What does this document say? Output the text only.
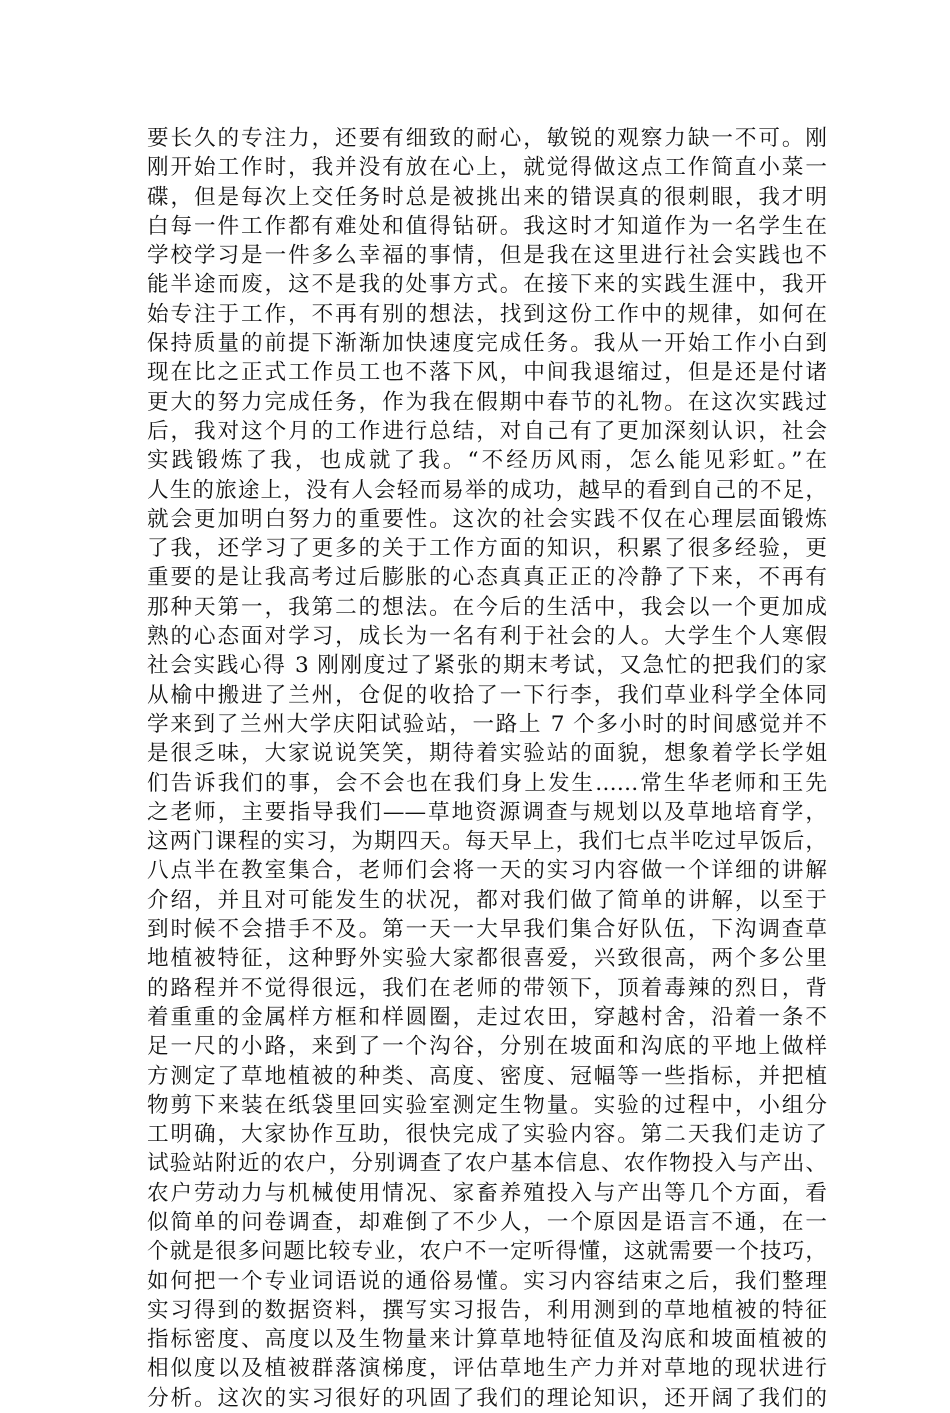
要长久的专注力，还要有细致的耐心，敏锐的观察力缺一不可。刚
刚开始工作时，我并没有放在心上，就觉得做这点工作简直小菜一
碟，但是每次上交任务时总是被挑出来的错误真的很刺眼，我才明
白每一件工作都有难处和值得钻研。我这时才知道作为一名学生在
学校学习是一件多么幸福的事情，但是我在这里进行社会实践也不
能半途而废，这不是我的处事方式。在接下来的实践生涯中，我开
始专注于工作，不再有别的想法，找到这份工作中的规律，如何在
保持质量的前提下渐渐加快速度完成任务。我从一开始工作小白到
现在比之正式工作员工也不落下风，中间我退缩过，但是还是付诸
更大的努力完成任务，作为我在假期中春节的礼物。在这次实践过
后，我对这个月的工作进行总结，对自己有了更加深刻认识，社会
实践锻炼了我，也成就了我。“不经历风雨，怎么能见彩虹。”在
人生的旅途上，没有人会轻而易举的成功，越早的看到自己的不足，
就会更加明白努力的重要性。这次的社会实践不仅在心理层面锻炼
了我，还学习了更多的关于工作方面的知识，积累了很多经验，更
重要的是让我高考过后膨胀的心态真真正正的冷静了下来，不再有
那种天第一，我第二的想法。在今后的生活中，我会以一个更加成
熟的心态面对学习，成长为一名有利于社会的人。大学生个人寒假
社会实践心得 3 刚刚度过了紧张的期末考试，又急忙的把我们的家
从榆中搬进了兰州，仓促的收拾了一下行李，我们草业科学全体同
学来到了兰州大学庆阳试验站，一路上 7 个多小时的时间感觉并不
是很乏味，大家说说笑笑，期待着实验站的面貌，想象着学长学姐
们告诉我们的事，会不会也在我们身上发生……常生华老师和王先
之老师，主要指导我们——草地资源调查与规划以及草地培育学，
这两门课程的实习，为期四天。每天早上，我们七点半吃过早饭后，
八点半在教室集合，老师们会将一天的实习内容做一个详细的讲解
介绍，并且对可能发生的状况，都对我们做了简单的讲解，以至于
到时候不会措手不及。第一天一大早我们集合好队伍，下沟调查草
地植被特征，这种野外实验大家都很喜爱，兴致很高，两个多公里
的路程并不觉得很远，我们在老师的带领下，顶着毒辣的烈日，背
着重重的金属样方框和样圆圈，走过农田，穿越村舍，沿着一条不
足一尺的小路，来到了一个沟谷，分别在坡面和沟底的平地上做样
方测定了草地植被的种类、高度、密度、冠幅等一些指标，并把植
物剪下来装在纸袋里回实验室测定生物量。实验的过程中，小组分
工明确，大家协作互助，很快完成了实验内容。第二天我们走访了
试验站附近的农户，分别调查了农户基本信息、农作物投入与产出、
农户劳动力与机械使用情况、家畜养殖投入与产出等几个方面，看
似简单的问卷调查，却难倒了不少人，一个原因是语言不通，在一
个就是很多问题比较专业，农户不一定听得懂，这就需要一个技巧，
如何把一个专业词语说的通俗易懂。实习内容结束之后，我们整理
实习得到的数据资料，撰写实习报告，利用测到的草地植被的特征
指标密度、高度以及生物量来计算草地特征值及沟底和坡面植被的
相似度以及植被群落演梯度，评估草地生产力并对草地的现状进行
分析。这次的实习很好的巩固了我们的理论知识，还开阔了我们的
